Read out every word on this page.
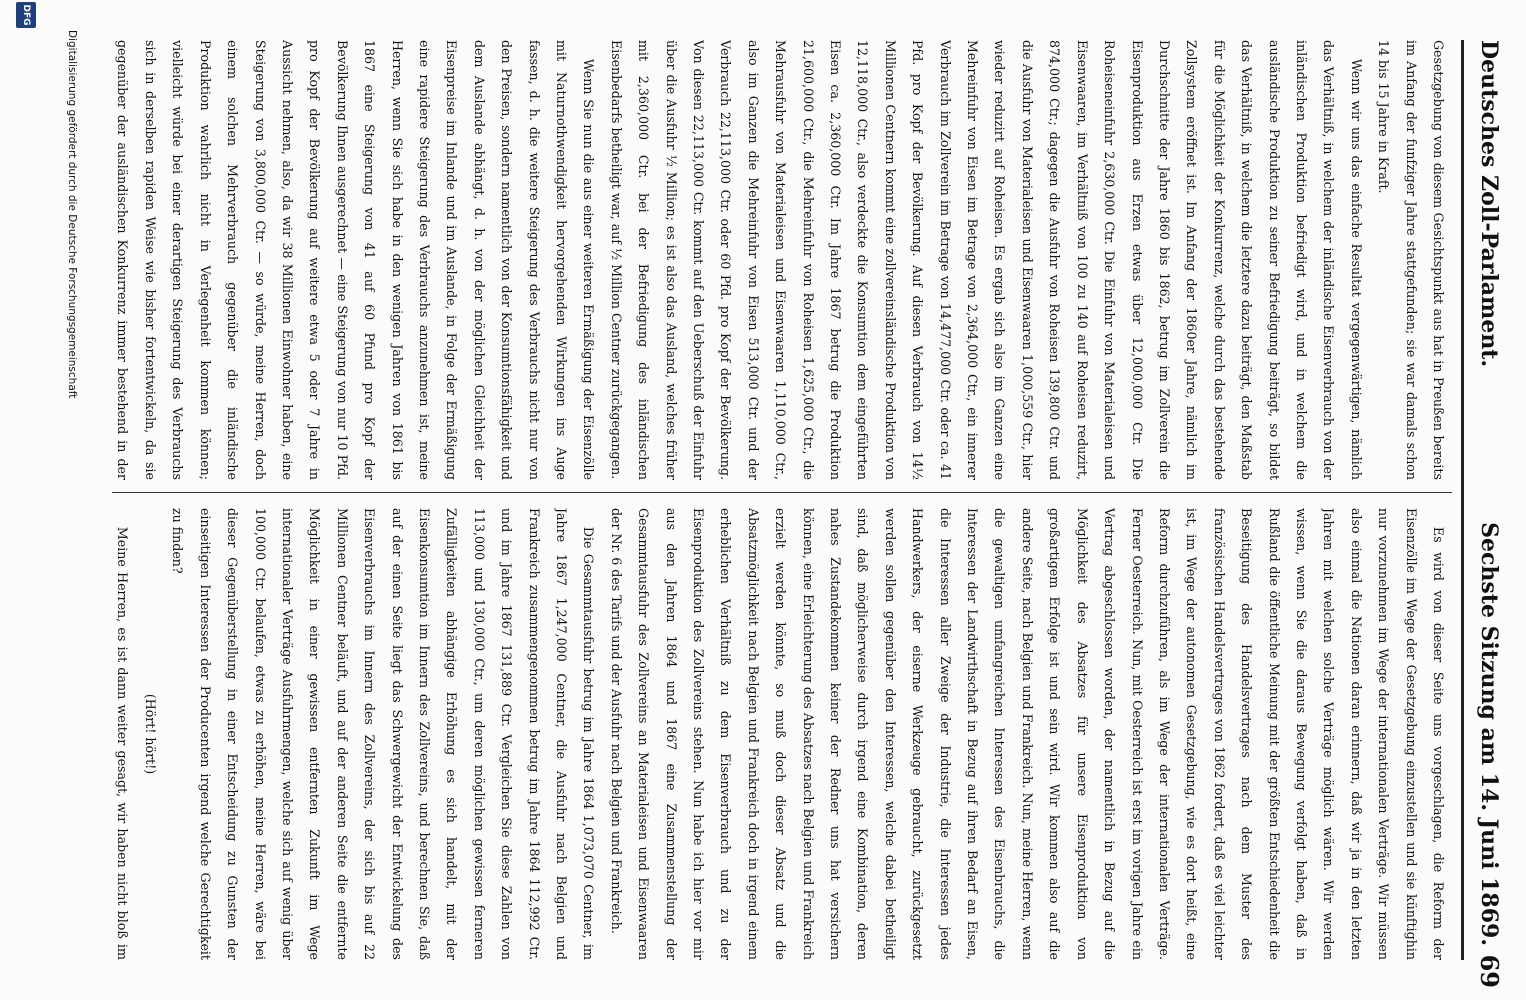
Deutsches Zoll-Parlament.
Sechste Sitzung am 14. Juni 1869.
69

Gesetzgebung von diesem Gesichtspunkt aus hat in Preußen bereits im Anfang der funfziger Jahre stattgefunden; sie war damals schon 14 bis 15 Jahre in Kraft.

Wenn wir uns das einfache Resultat vergegenwärtigen, nämlich das Verhältniß, in welchem der inländische Eisenverbrauch von der inländischen Produktion befriedigt wird, und in welchem die ausländische Produktion zu seiner Befriedigung beiträgt, so bildet das Verhältniß, in welchem die letztere dazu beiträgt, den Maßstab für die Möglichkeit der Konkurrenz, welche durch das bestehende Zollsystem eröffnet ist. Im Anfang der 1860er Jahre, nämlich im Durchschnitte der Jahre 1860 bis 1862, betrug im Zollverein die Eisenproduktion aus Erzen etwas über 12,000,000 Ctr. Die Roheiseneinfuhr 2,630,000 Ctr. Die Einfuhr von Materialeisen und Eisenwaaren, im Verhältniß von 100 zu 140 auf Roheisen reduzirt, 874,000 Ctr.; dagegen die Ausfuhr von Roheisen 139,800 Ctr. und die Ausfuhr von Materialeisen und Eisenwaaren 1,000,559 Ctr., hier wieder reduzirt auf Roheisen. Es ergab sich also im Ganzen eine Mehreinfuhr von Eisen im Betrage von 2,364,000 Ctr., ein innerer Verbrauch im Zollverein im Betrage von 14,477,000 Ctr. oder ca. 41 Pfd. pro Kopf der Bevölkerung. Auf diesen Verbrauch von 14½ Millionen Centnern kommt eine zollvereinsländische Produktion von 12,118,000 Ctr., also verdeckte die Konsumtion dem eingeführten Eisen ca. 2,360,000 Ctr. Im Jahre 1867 betrug die Produktion 21,600,000 Ctr., die Mehreinfuhr von Roheisen 1,625,000 Ctr., die Mehrausfuhr von Materialeisen und Eisenwaaren 1,110,000 Ctr., also im Ganzen die Mehreinfuhr von Eisen 513,000 Ctr. und der Verbrauch 22,113,000 Ctr. oder 60 Pfd. pro Kopf der Bevölkerung. Von diesen 22,113,000 Ctr. kommt auf den Ueberschuß der Einfuhr über die Ausfuhr ½ Million; es ist also das Ausland, welches früher mit 2,360,000 Ctr. bei der Befriedigung des inländischen Eisenbedarfs betheiligt war, auf ½ Million Centner zurückgegangen.

Wenn Sie nun die aus einer weiteren Ermäßigung der Eisenzölle mit Naturnothwendigkeit hervorgehenden Wirkungen ins Auge fassen, d. h. die weitere Steigerung des Verbrauchs nicht nur von den Preisen, sondern namentlich von der Konsumtionsfähigkeit und dem Auslande abhängt, d. h. von der möglichen Gleichheit der Eisenpreise im Inlande und im Auslande, in Folge der Ermäßigung eine rapidere Steigerung des Verbrauchs anzunehmen ist, meine Herren, wenn Sie sich habe in den wenigen Jahren von 1861 bis 1867 eine Steigerung von 41 auf 60 Pfund pro Kopf der Bevölkerung Ihnen ausgerechnet — eine Steigerung von nur 10 Pfd. pro Kopf der Bevölkerung auf weitere etwa 5 oder 7 Jahre in Aussicht nehmen, also, da wir 38 Millionen Einwohner haben, eine Steigerung von 3,800,000 Ctr. — so würde, meine Herren, doch einem solchen Mehrverbrauch gegenüber die inländische Produktion wahrlich nicht in Verlegenheit kommen können; vielleicht würde bei einer derartigen Steigerung des Verbrauchs sich in derselben rapiden Weise wie bisher fortentwickeln, da sie gegenüber der ausländischen Konkurrenz immer bestehend in der

Es wird von dieser Seite uns vorgeschlagen, die Reform der Eisenzölle im Wege der Gesetzgebung einzustellen und sie künftighin nur vorzunehmen im Wege der internationalen Verträge. Wir müssen also einmal die Nationen daran erinnern, daß wir ja in den letzten Jahren mit welchen solche Verträge möglich wären. Wir werden wissen, wenn Sie die daraus Bewegung verfolgt haben, daß in Rußland die öffentliche Meinung mit der größten Entschiedenheit die Beseitigung des Handelsvertrages nach dem Muster des französischen Handelsvertrages von 1862 fordert, daß es viel leichter ist, im Wege der autonomen Gesetzgebung, wie es dort heißt, eine Reform durchzuführen, als im Wege der internationalen Verträge. Ferner Oesterreich. Nun, mit Oesterreich ist erst im vorigen Jahre ein Vertrag abgeschlossen worden, der namentlich in Bezug auf die Möglichkeit des Absatzes für unsere Eisenproduktion von großartigem Erfolge ist und sein wird. Wir kommen also auf die andere Seite, nach Belgien und Frankreich. Nun, meine Herren, wenn die gewaltigen umfangreichen Interessen des Eisenbrauchs, die Interessen der Landwirthschaft in Bezug auf ihren Bedarf an Eisen, die Interessen aller Zweige der Industrie, die Interessen jedes Handwerkers, der eiserne Werkzeuge gebraucht, zurückgesetzt werden sollen gegenüber den Interessen, welche dabei betheiligt sind, daß möglicherweise durch irgend eine Kombination, deren nahes Zustandekommen keiner der Redner uns hat versichern können, eine Erleichterung des Absatzes nach Belgien und Frankreich erzielt werden könnte, so muß doch dieser Absatz und die Absatzmöglichkeit nach Belgien und Frankreich doch in irgend einem erheblichen Verhältniß zu dem Eisenverbrauch und zu der Eisenproduktion des Zollvereins stehen. Nun habe ich hier vor mir aus den Jahren 1864 und 1867 eine Zusammenstellung der Gesammtausfuhr des Zollvereins an Materialeisen und Eisenwaaren der Nr. 6 des Tarifs und der Ausfuhr nach Belgien und Frankreich.

Die Gesammtausfuhr betrug im Jahre 1864 1,073,070 Centner, im Jahre 1867 1,247,000 Centner, die Ausfuhr nach Belgien und Frankreich zusammengenommen betrug im Jahre 1864 112,992 Ctr. und im Jahre 1867 131,889 Ctr. Vergleichen Sie diese Zahlen von 113,000 und 130,000 Ctr., um deren möglichen gewissen ferneren Zufälligkeiten abhängige Erhöhung es sich handelt, mit der Eisenkonsumtion im Innern des Zollvereins, und berechnen Sie, daß auf der einen Seite liegt das Schwergewicht der Entwickelung des Eisenverbrauchs im Innern des Zollvereins, der sich bis auf 22 Millionen Centner beläuft, und auf der anderen Seite die entfernte Möglichkeit in einer gewissen entfernten Zukunft im Wege internationaler Verträge Ausfuhrmengen, welche sich auf wenig über 100,000 Ctr. belaufen, etwas zu erhöhen, meine Herren, wäre bei dieser Gegenüberstellung in einer Entscheidung zu Gunsten der einseitigen Interessen der Producenten irgend welche Gerechtigkeit zu finden?

(Hört! hört!)

Meine Herren, es ist dann weiter gesagt, wir haben nicht bloß im

Digitalisierung gefördert durch die Deutsche Forschungsgemeinschaft
DFG
